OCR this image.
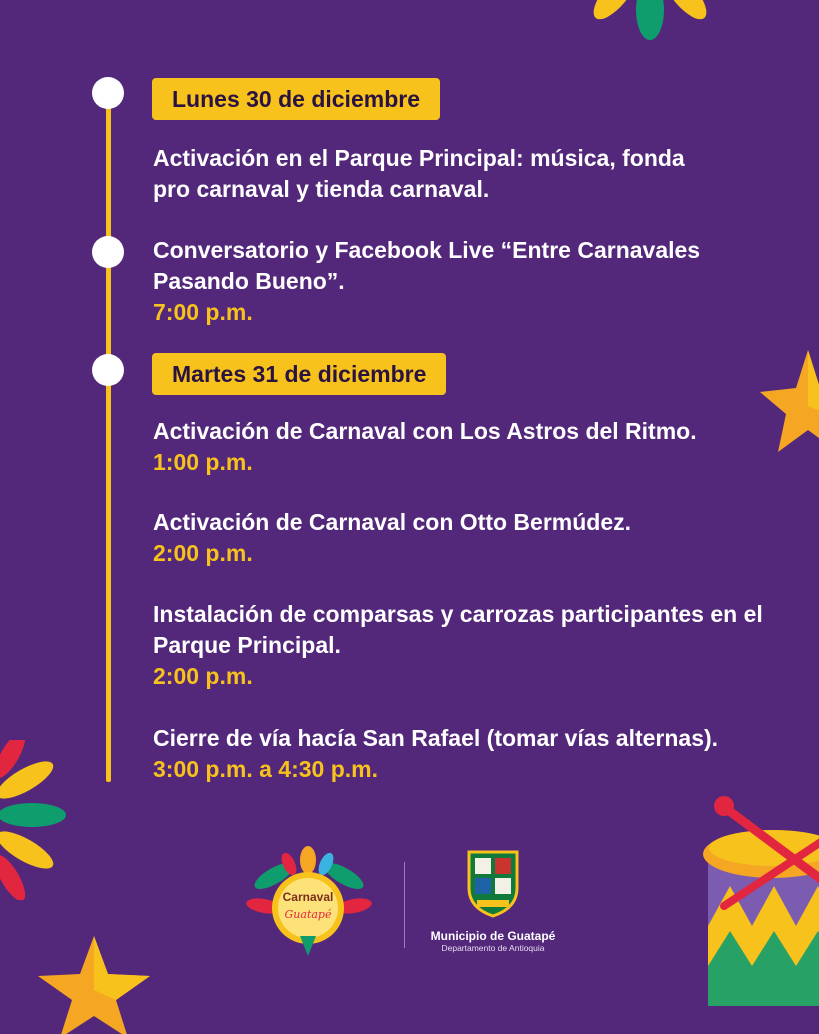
Lunes 30 de diciembre

Activación en el Parque Principal: música, fonda pro carnaval y tienda carnaval.

Conversatorio y Facebook Live “Entre Carnavales Pasando Bueno”.

7:00 p.m.

Martes 31 de diciembre

Activación de Carnaval con Los Astros del Ritmo.

1:00 p.m.

Activación de Carnaval con Otto Bermúdez.

2:00 p.m.

Instalación de comparsas y carrozas participantes en el Parque Principal.

2:00 p.m.

Cierre de vía hacía San Rafael (tomar vías alternas).

3:00 p.m. a 4:30 p.m.

Carnaval
Guatapé
Municipio de Guatapé
Departamento de Antioquia
